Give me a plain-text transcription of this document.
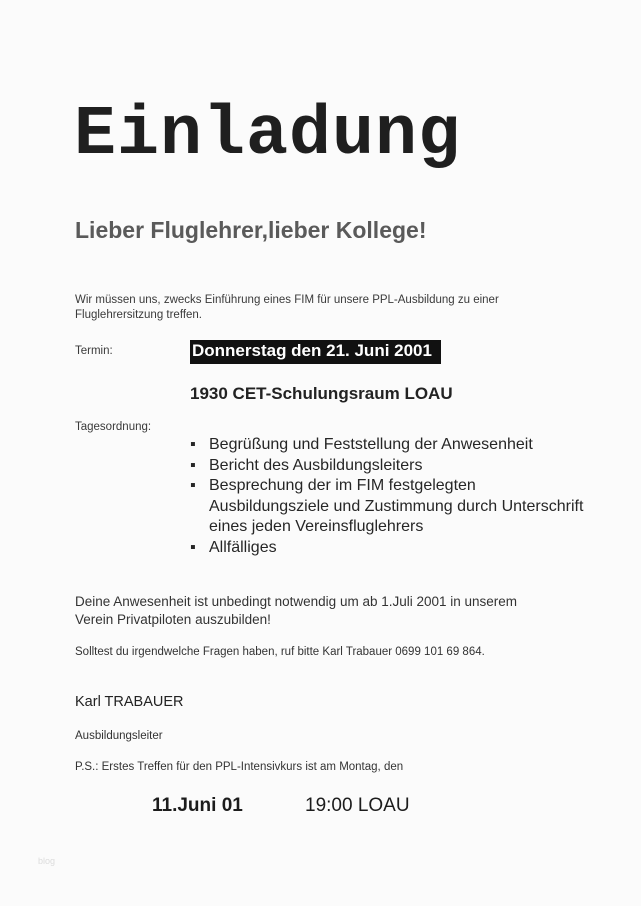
Einladung
Lieber Fluglehrer,lieber Kollege!
Wir müssen uns, zwecks Einführung eines FIM für unsere PPL-Ausbildung zu einer Fluglehrersitzung treffen.
Termin:	Donnerstag den 21. Juni 2001
1930 CET-Schulungsraum LOAU
Tagesordnung:
▪ Begrüßung und Feststellung der Anwesenheit
▪ Bericht des Ausbildungsleiters
▪ Besprechung der im FIM festgelegten Ausbildungsziele und Zustimmung durch Unterschrift eines jeden Vereinsfluglehrers
▪ Allfälliges
Deine Anwesenheit ist unbedingt notwendig um ab 1.Juli 2001 in unserem Verein Privatpiloten auszubilden!
Solltest du irgendwelche Fragen haben, ruf bitte Karl Trabauer 0699 101 69 864.
Karl TRABAUER
Ausbildungsleiter
P.S.: Erstes Treffen für den PPL-Intensivkurs ist am Montag, den
11.Juni 01	19:00 LOAU
blog
